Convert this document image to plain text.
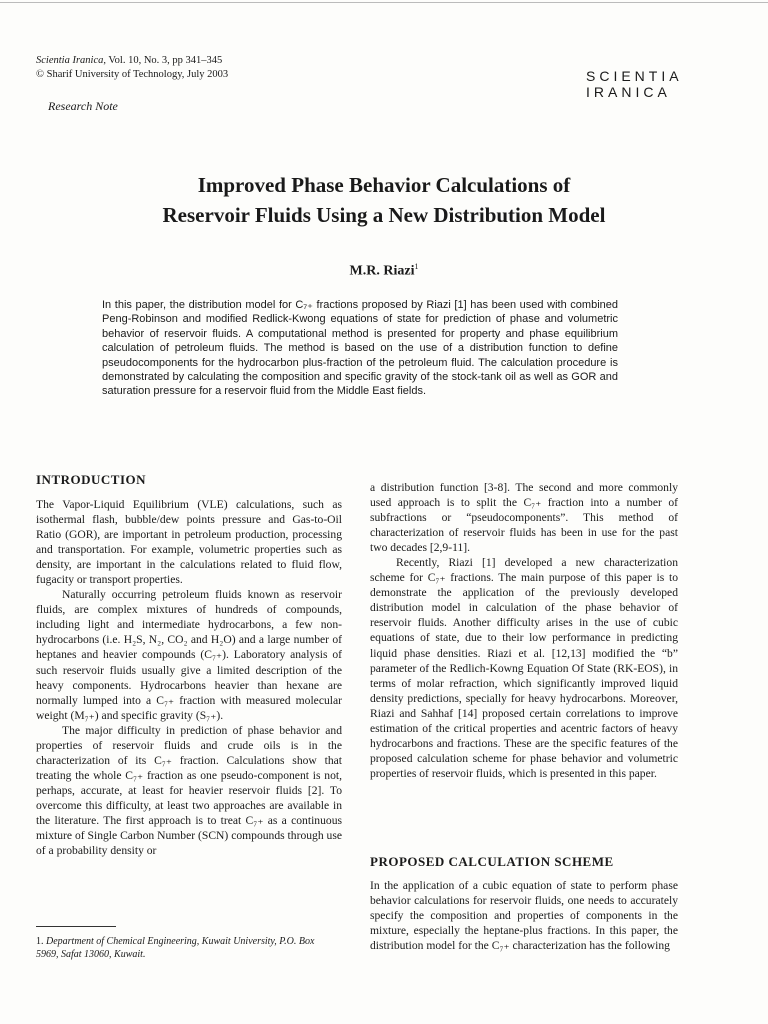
Scientia Iranica, Vol. 10, No. 3, pp 341–345
© Sharif University of Technology, July 2003	SCIENTIA
IRANICA
Research Note
Improved Phase Behavior Calculations of
Reservoir Fluids Using a New Distribution Model
M.R. Riazi$^1$
In this paper, the distribution model for C₇₊ fractions proposed by Riazi [1] has been used with combined Peng-Robinson and modified Redlick-Kwong equations of state for prediction of phase and volumetric behavior of reservoir fluids. A computational method is presented for property and phase equilibrium calculation of petroleum fluids. The method is based on the use of a distribution function to define pseudocomponents for the hydrocarbon plus-fraction of the petroleum fluid. The calculation procedure is demonstrated by calculating the composition and specific gravity of the stock-tank oil as well as GOR and saturation pressure for a reservoir fluid from the Middle East fields.
INTRODUCTION

The Vapor-Liquid Equilibrium (VLE) calculations, such as isothermal flash, bubble/dew points pressure and Gas-to-Oil Ratio (GOR), are important in petroleum production, processing and transportation. For example, volumetric properties such as density, are important in the calculations related to fluid flow, fugacity or transport properties.

Naturally occurring petroleum fluids known as reservoir fluids, are complex mixtures of hundreds of compounds, including light and intermediate hydrocarbons, a few non-hydrocarbons (i.e. H₂S, N₂, CO₂ and H₂O) and a large number of heptanes and heavier compounds (C₇₊). Laboratory analysis of such reservoir fluids usually give a limited description of the heavy components. Hydrocarbons heavier than hexane are normally lumped into a C₇₊ fraction with measured molecular weight (M₇₊) and specific gravity (S₇₊).

The major difficulty in prediction of phase behavior and properties of reservoir fluids and crude oils is in the characterization of its C₇₊ fraction. Calculations show that treating the whole C₇₊ fraction as one pseudo-component is not, perhaps, accurate, at least for heavier reservoir fluids [2]. To overcome this difficulty, at least two approaches are available in the literature. The first approach is to treat C₇₊ as a continuous mixture of Single Carbon Number (SCN) compounds through use of a probability density or

a distribution function [3-8]. The second and more commonly used approach is to split the C₇₊ fraction into a number of subfractions or “pseudocomponents”. This method of characterization of reservoir fluids has been in use for the past two decades [2,9-11].

Recently, Riazi [1] developed a new characterization scheme for C₇₊ fractions. The main purpose of this paper is to demonstrate the application of the previously developed distribution model in calculation of the phase behavior of reservoir fluids. Another difficulty arises in the use of cubic equations of state, due to their low performance in predicting liquid phase densities. Riazi et al. [12,13] modified the “b” parameter of the Redlich-Kowng Equation Of State (RK-EOS), in terms of molar refraction, which significantly improved liquid density predictions, specially for heavy hydrocarbons. Moreover, Riazi and Sahhaf [14] proposed certain correlations to improve estimation of the critical properties and acentric factors of heavy hydrocarbons and fractions. These are the specific features of the proposed calculation scheme for phase behavior and volumetric properties of reservoir fluids, which is presented in this paper.

PROPOSED CALCULATION SCHEME

In the application of a cubic equation of state to perform phase behavior calculations for reservoir fluids, one needs to accurately specify the composition and properties of components in the mixture, especially the heptane-plus fractions. In this paper, the distribution model for the C₇₊ characterization has the following

1. Department of Chemical Engineering, Kuwait University, P.O. Box 5969, Safat 13060, Kuwait.
